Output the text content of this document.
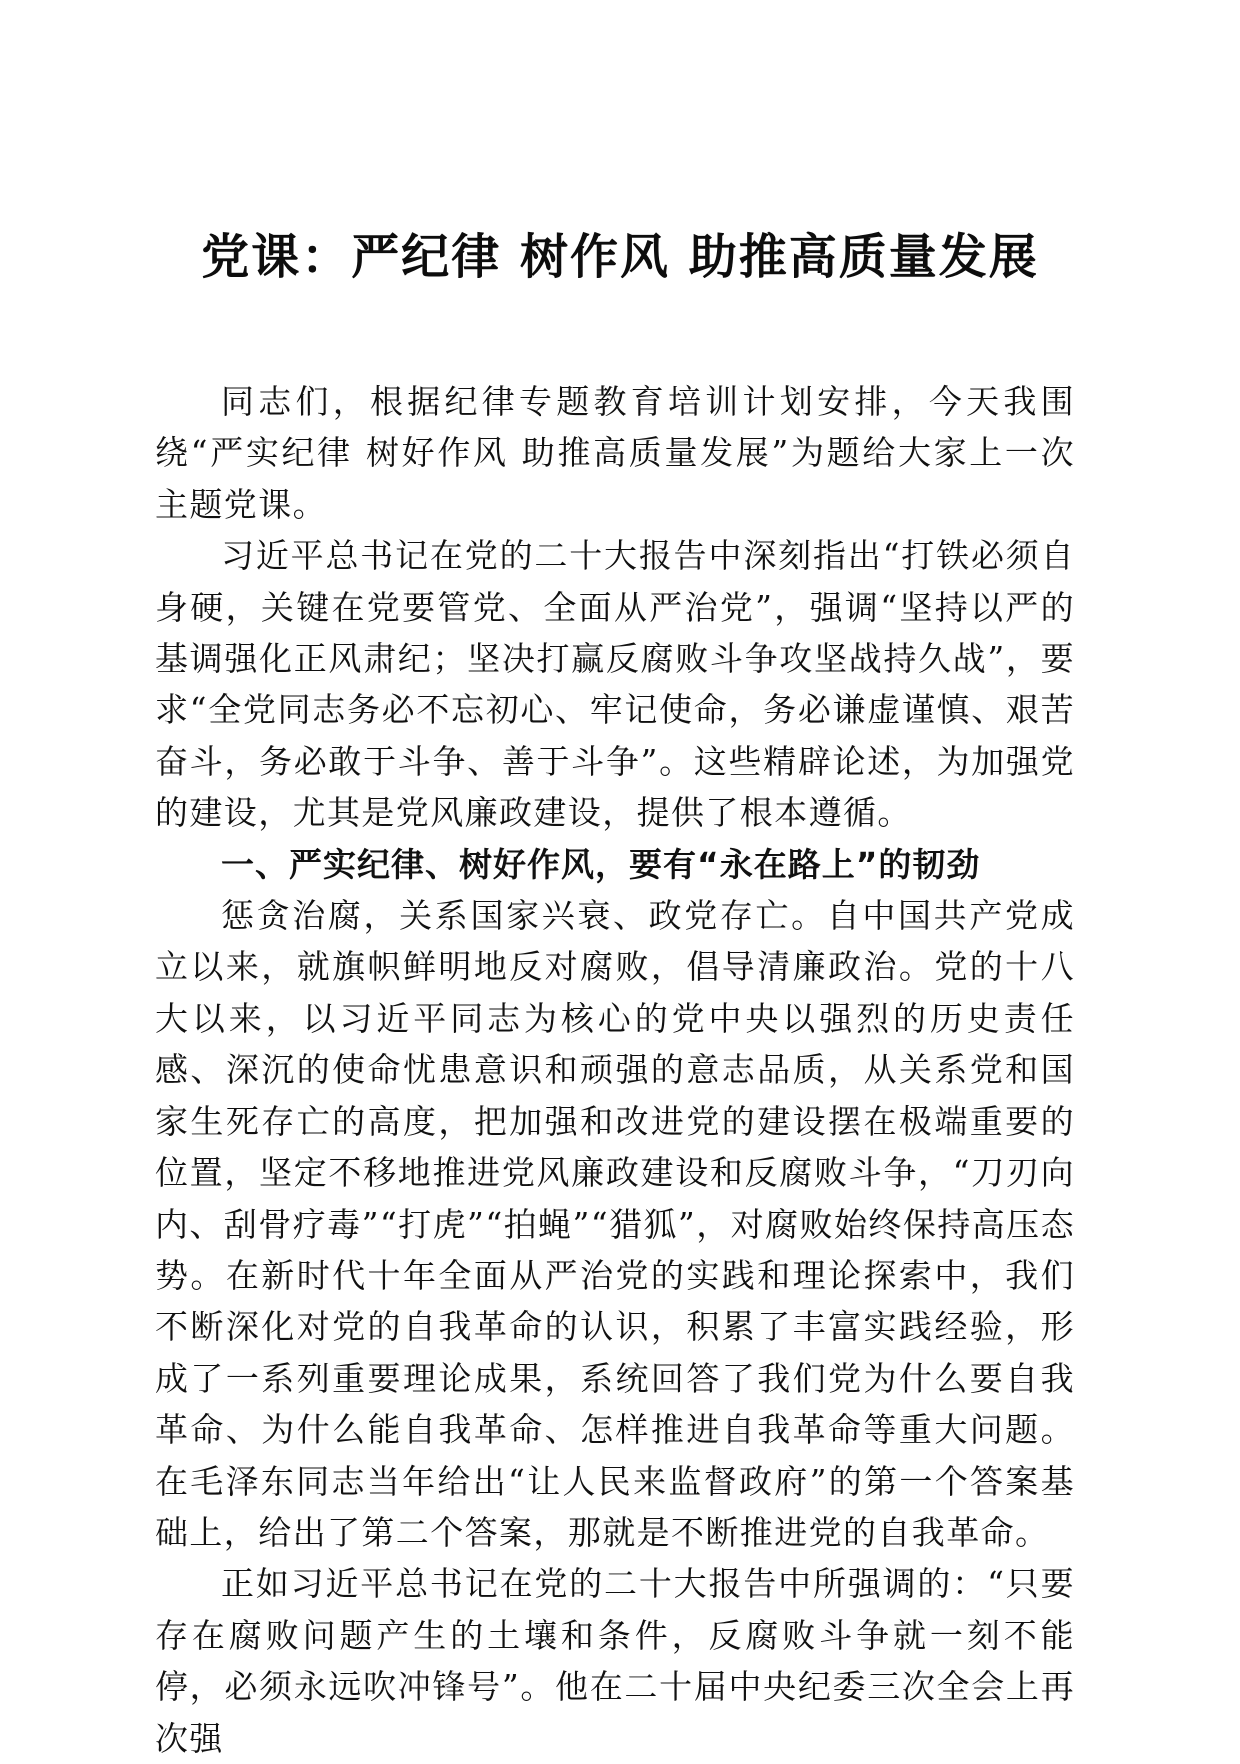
党课：严纪律 树作风 助推高质量发展

同志们，根据纪律专题教育培训计划安排，今天我围绕“严实纪律 树好作风 助推高质量发展”为题给大家上一次主题党课。

习近平总书记在党的二十大报告中深刻指出“打铁必须自身硬，关键在党要管党、全面从严治党”，强调“坚持以严的基调强化正风肃纪；坚决打赢反腐败斗争攻坚战持久战”，要求“全党同志务必不忘初心、牢记使命，务必谦虚谨慎、艰苦奋斗，务必敢于斗争、善于斗争”。这些精辟论述，为加强党的建设，尤其是党风廉政建设，提供了根本遵循。

一、严实纪律、树好作风，要有“永在路上”的韧劲

惩贪治腐，关系国家兴衰、政党存亡。自中国共产党成立以来，就旗帜鲜明地反对腐败，倡导清廉政治。党的十八大以来，以习近平同志为核心的党中央以强烈的历史责任感、深沉的使命忧患意识和顽强的意志品质，从关系党和国家生死存亡的高度，把加强和改进党的建设摆在极端重要的位置，坚定不移地推进党风廉政建设和反腐败斗争，“刀刃向内、刮骨疗毒”“打虎”“拍蝇”“猎狐”，对腐败始终保持高压态势。在新时代十年全面从严治党的实践和理论探索中，我们不断深化对党的自我革命的认识，积累了丰富实践经验，形成了一系列重要理论成果，系统回答了我们党为什么要自我革命、为什么能自我革命、怎样推进自我革命等重大问题。在毛泽东同志当年给出“让人民来监督政府”的第一个答案基础上，给出了第二个答案，那就是不断推进党的自我革命。

正如习近平总书记在党的二十大报告中所强调的：“只要存在腐败问题产生的土壤和条件，反腐败斗争就一刻不能停，必须永远吹冲锋号”。他在二十届中央纪委三次全会上再次强
